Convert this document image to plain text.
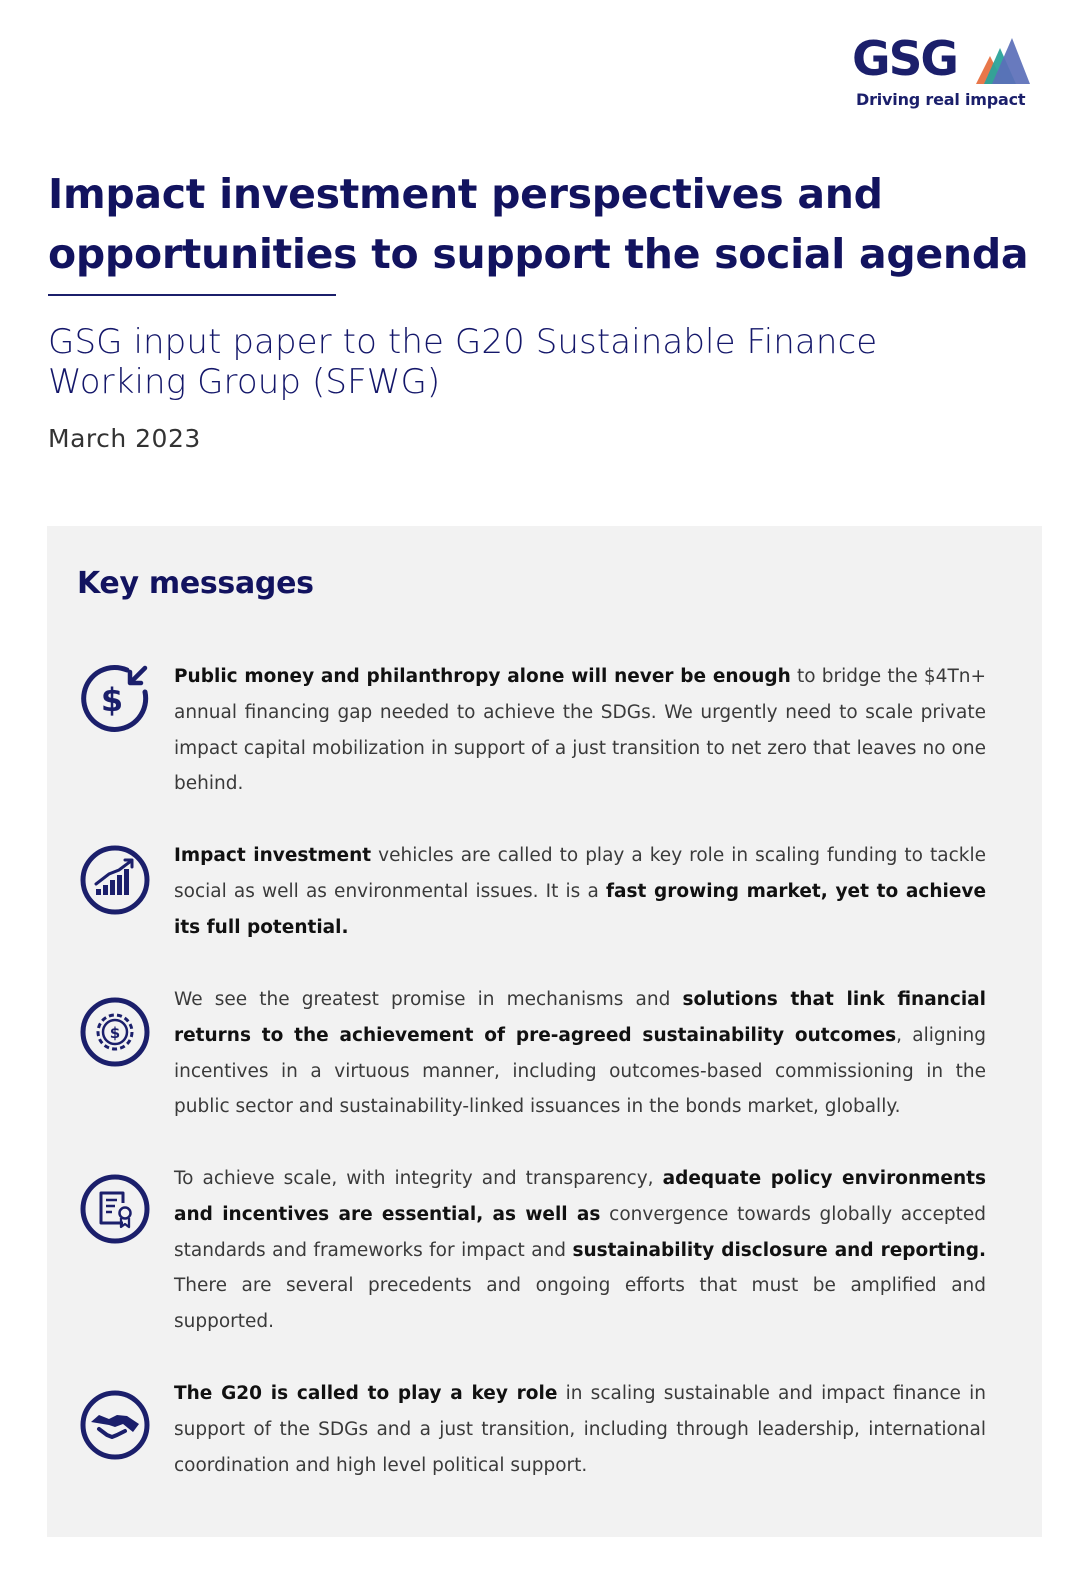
GSG
Driving real impact
Impact investment perspectives and
opportunities to support the social agenda
GSG input paper to the G20 Sustainable Finance
Working Group (SFWG)
March 2023
Key messages
$

Public money and philanthropy alone will never be enough to bridge the $4Tn+ annual financing gap needed to achieve the SDGs. We urgently need to scale private impact capital mobilization in support of a just transition to net zero that leaves no one behind.

Impact investment vehicles are called to play a key role in scaling funding to tackle social as well as environmental issues. It is a fast growing market, yet to achieve its full potential.

$

We see the greatest promise in mechanisms and solutions that link financial returns to the achievement of pre-agreed sustainability outcomes, aligning incentives in a virtuous manner, including outcomes-based commissioning in the public sector and sustainability-linked issuances in the bonds market, globally.

To achieve scale, with integrity and transparency, adequate policy environments and incentives are essential, as well as convergence towards globally accepted standards and frameworks for impact and sustainability disclosure and reporting. There are several precedents and ongoing efforts that must be amplified and supported.

The G20 is called to play a key role in scaling sustainable and impact finance in support of the SDGs and a just transition, including through leadership, international coordination and high level political support.
